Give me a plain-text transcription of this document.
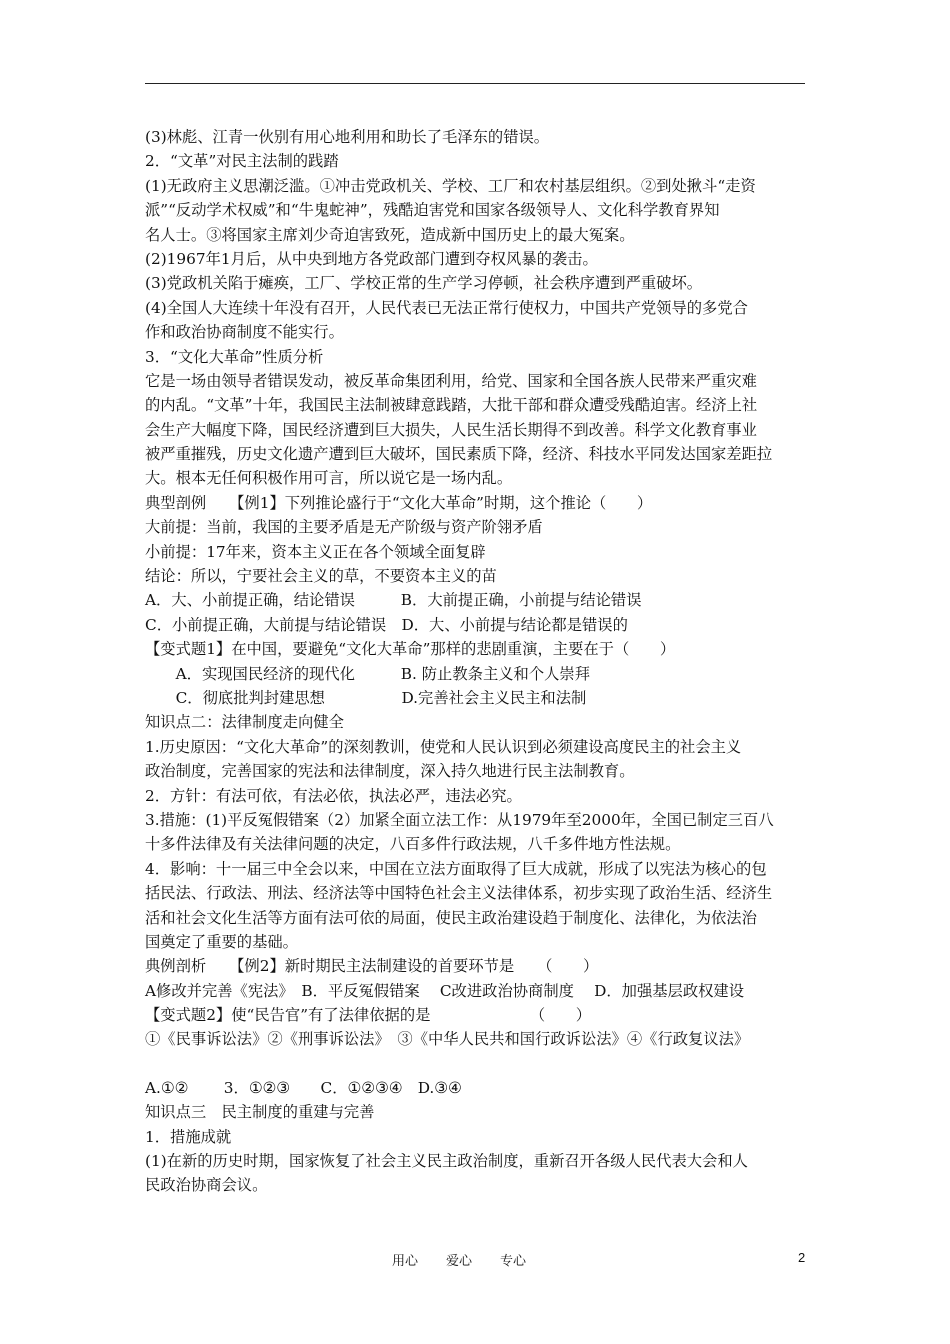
(3)林彪、江青一伙别有用心地利用和助长了毛泽东的错误。
2．“文革”对民主法制的践踏
(1)无政府主义思潮泛滥。①冲击党政机关、学校、工厂和农村基层组织。②到处揪斗“走资
派”“反动学术权威”和“牛鬼蛇神”，残酷迫害党和国家各级领导人、文化科学教育界知
名人士。③将国家主席刘少奇迫害致死，造成新中国历史上的最大冤案。
(2)1967年1月后，从中央到地方各党政部门遭到夺权风暴的袭击。
(3)党政机关陷于瘫痪，工厂、学校正常的生产学习停顿，社会秩序遭到严重破坏。
(4)全国人大连续十年没有召开，人民代表已无法正常行使权力，中国共产党领导的多党合
作和政治协商制度不能实行。
3．“文化大革命”性质分析
它是一场由领导者错误发动，被反革命集团利用，给党、国家和全国各族人民带来严重灾难
的内乱。“文革”十年，我国民主法制被肆意践踏，大批干部和群众遭受残酷迫害。经济上社
会生产大幅度下降，国民经济遭到巨大损失，人民生活长期得不到改善。科学文化教育事业
被严重摧残，历史文化遗产遭到巨大破坏，国民素质下降，经济、科技水平同发达国家差距拉
大。根本无任何积极作用可言，所以说它是一场内乱。
典型剖例　　【例1】下列推论盛行于“文化大革命”时期，这个推论（　　）
大前提：当前，我国的主要矛盾是无产阶级与资产阶翎矛盾
小前提：17年来，资本主义正在各个领域全面复辟
结论：所以，宁要社会主义的草，不要资本主义的苗
A．大、小前提正确，结论错误　　　B．大前提正确，小前提与结论错误
C．小前提正确，大前提与结论错误　D．大、小前提与结论都是错误的
【变式题1】在中国，要避免“文化大革命”那样的悲剧重演，主要在于（　　）
　　A．实现国民经济的现代化　　　B. 防止教条主义和个人崇拜
　　C．彻底批判封建思想　　　　　D.完善社会主义民主和法制
知识点二：法律制度走向健全
1.历史原因：“文化大革命”的深刻教训，使党和人民认识到必须建设高度民主的社会主义
政治制度，完善国家的宪法和法律制度，深入持久地进行民主法制教育。
2．方针：有法可依，有法必依，执法必严，违法必究。
3.措施：(1)平反冤假错案（2）加紧全面立法工作：从1979年至2000年，全国已制定三百八
十多件法律及有关法律问题的决定，八百多件行政法规，八千多件地方性法规。
4．影响：十一届三中全会以来，中国在立法方面取得了巨大成就，形成了以宪法为核心的包
括民法、行政法、刑法、经济法等中国特色社会主义法律体系，初步实现了政治生活、经济生
活和社会文化生活等方面有法可依的局面，使民主政治建设趋于制度化、法律化，为依法治
国奠定了重要的基础。
典例剖析　　【例2】新时期民主法制建设的首要环节是　　（　　）
A修改并完善《宪法》　B．平反冤假错案　 C改进政治协商制度　 D．加强基层政权建设
【变式题2】使“民告官”有了法律依据的是　　　　　　　（　　）
①《民事诉讼法》②《刑事诉讼法》　③《中华人民共和国行政诉讼法》④《行政复议法》
A.①②　　 3．①②③　　C．①②③④　D.③④
知识点三　民主制度的重建与完善
1．措施成就
(1)在新的历史时期，国家恢复了社会主义民主政治制度，重新召开各级人民代表大会和人
民政治协商会议。
用心 爱心 专心	2
